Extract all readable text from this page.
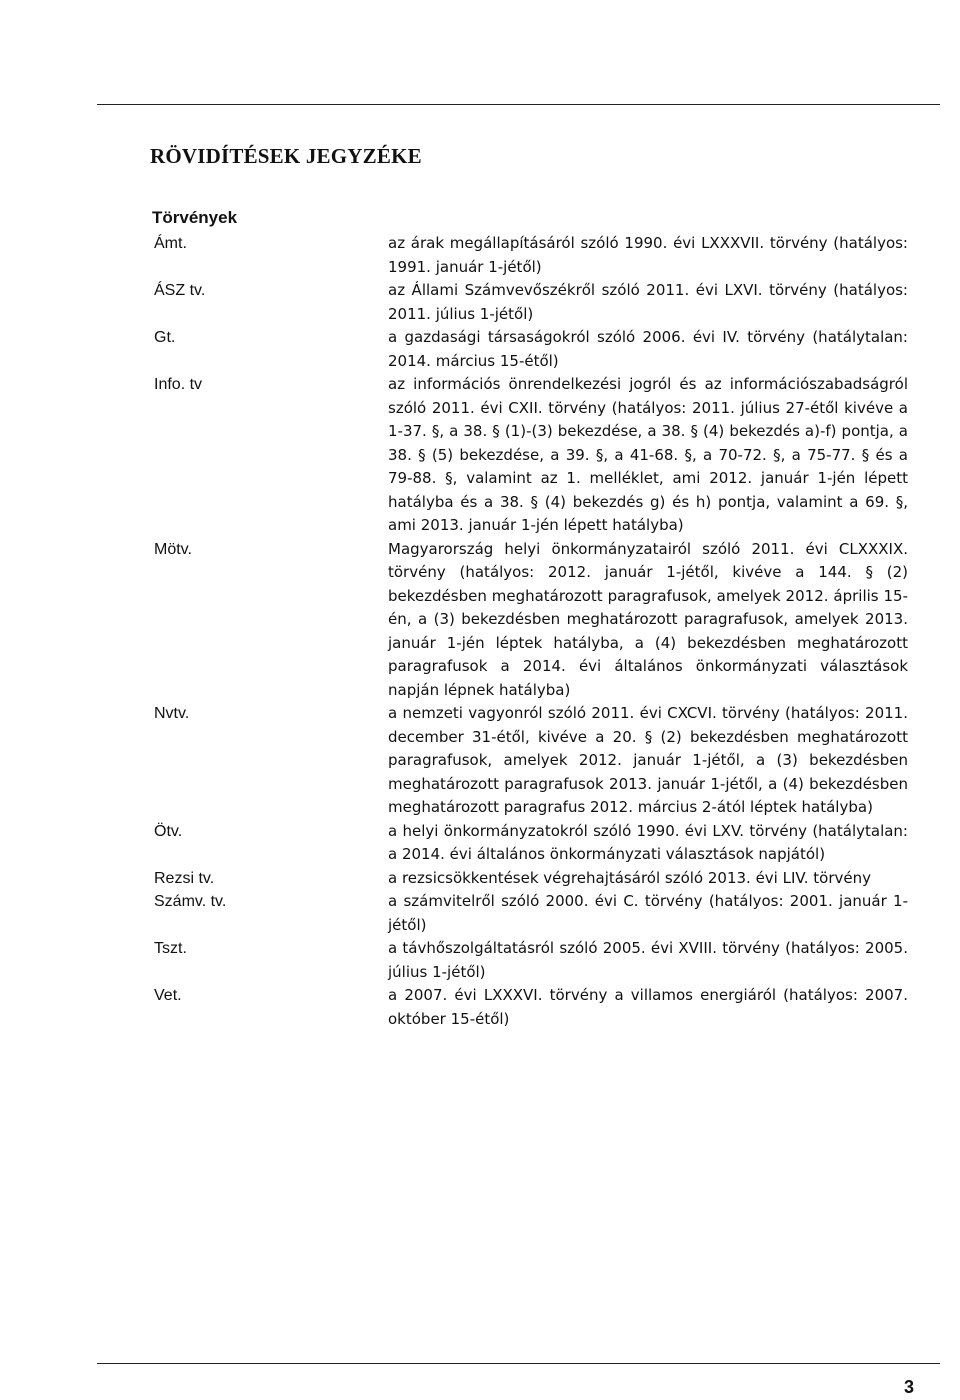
RÖVIDÍTÉSEK JEGYZÉKE
Törvények
Ámt.	az árak megállapításáról szóló 1990. évi LXXXVII. törvény (hatályos: 1991. január 1-jétől)
ÁSZ tv.	az Állami Számvevőszékről szóló 2011. évi LXVI. törvény (hatályos: 2011. július 1-jétől)
Gt.	a gazdasági társaságokról szóló 2006. évi IV. törvény (hatálytalan: 2014. március 15-étől)
Info. tv	az információs önrendelkezési jogról és az információszabadságról szóló 2011. évi CXII. törvény (hatályos: 2011. július 27-étől kivéve a 1-37. §, a 38. § (1)-(3) bekezdése, a 38. § (4) bekezdés a)-f) pontja, a 38. § (5) bekezdése, a 39. §, a 41-68. §, a 70-72. §, a 75-77. § és a 79-88. §, valamint az 1. melléklet, ami 2012. január 1-jén lépett hatályba és a 38. § (4) bekezdés g) és h) pontja, valamint a 69. §, ami 2013. január 1-jén lépett hatályba)
Mötv.	Magyarország helyi önkormányzatairól szóló 2011. évi CLXXXIX. törvény (hatályos: 2012. január 1-jétől, kivéve a 144. § (2) bekezdésben meghatározott paragrafusok, amelyek 2012. április 15-én, a (3) bekezdésben meghatározott paragrafusok, amelyek 2013. január 1-jén léptek hatályba, a (4) bekezdésben meghatározott paragrafusok a 2014. évi általános önkormányzati választások napján lépnek hatályba)
Nvtv.	a nemzeti vagyonról szóló 2011. évi CXCVI. törvény (hatályos: 2011. december 31-étől, kivéve a 20. § (2) bekezdésben meghatározott paragrafusok, amelyek 2012. január 1-jétől, a (3) bekezdésben meghatározott paragrafusok 2013. január 1-jétől, a (4) bekezdésben meghatározott paragrafus 2012. március 2-ától léptek hatályba)
Ötv.	a helyi önkormányzatokról szóló 1990. évi LXV. törvény (hatálytalan: a 2014. évi általános önkormányzati választások napjától)
Rezsi tv.	a rezsicsökkentések végrehajtásáról szóló 2013. évi LIV. törvény
Számv. tv.	a számvitelről szóló 2000. évi C. törvény (hatályos: 2001. január 1-jétől)
Tszt.	a távhőszolgáltatásról szóló 2005. évi XVIII. törvény (hatályos: 2005. július 1-jétől)
Vet.	a 2007. évi LXXXVI. törvény a villamos energiáról (hatályos: 2007. október 15-étől)
3
